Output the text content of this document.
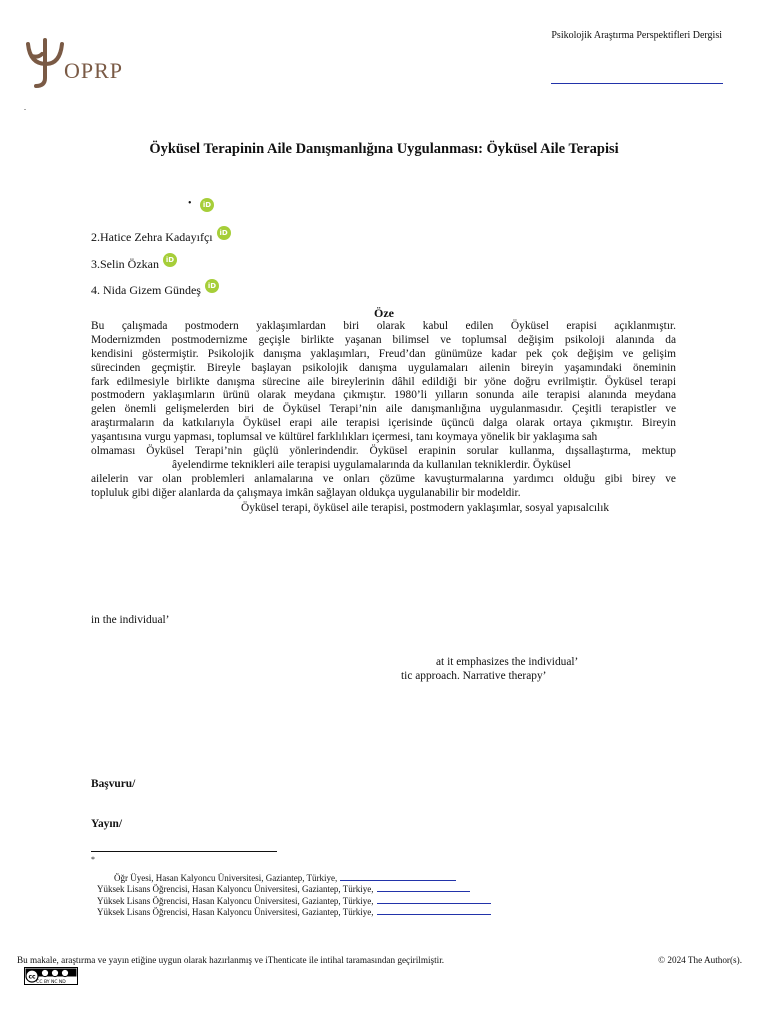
OPRP
Psikolojik Araştırma Perspektifleri Dergisi
.
Öyküsel Terapinin Aile Danışmanlığına Uygulanması: Öyküsel Aile Terapisi
•	iD
2.Hatice Zehra Kadayıfçı iD
3.Selin Özkan iD
4. Nida Gizem Gündeş iD
Öze
Bu çalışmada postmodern yaklaşımlardan biri olarak kabul edilen Öyküsel erapisi açıklanmıştır.
Modernizmden postmodernizme geçişle birlikte yaşanan bilimsel ve toplumsal değişim psikoloji alanında da
kendisini göstermiştir. Psikolojik danışma yaklaşımları, Freud’dan günümüze kadar pek çok değişim ve gelişim
sürecinden geçmiştir. Bireyle başlayan psikolojik danışma uygulamaları ailenin bireyin yaşamındaki öneminin
fark edilmesiyle birlikte danışma sürecine aile bireylerinin dâhil edildiği bir yöne doğru evrilmiştir. Öyküsel terapi
postmodern yaklaşımların ürünü olarak meydana çıkmıştır. 1980’li yılların sonunda aile terapisi alanında meydana
gelen önemli gelişmelerden biri de Öyküsel Terapi’nin aile danışmanlığına uygulanmasıdır. Çeşitli terapistler ve
araştırmaların da katkılarıyla Öyküsel erapi aile terapisi içerisinde üçüncü dalga olarak ortaya çıkmıştır. Bireyin
yaşantısına vurgu yapması, toplumsal ve kültürel farklılıkları içermesi, tanı koymaya yönelik bir yaklaşıma sah
olmaması Öyküsel Terapi’nin güçlü yönlerindendir. Öyküsel erapinin sorular kullanma, dışsallaştırma, mektup
âyelendirme teknikleri aile terapisi uygulamalarında da kullanılan tekniklerdir. Öyküsel
ailelerin var olan problemleri anlamalarına ve onları çözüme kavuşturmalarına yardımcı olduğu gibi birey ve
topluluk gibi diğer alanlarda da çalışmaya imkân sağlayan oldukça uygulanabilir bir modeldir.
Öyküsel terapi, öyküsel aile terapisi, postmodern yaklaşımlar, sosyal yapısalcılık
in the individual’
at it emphasizes the individual’
tic approach. Narrative therapy’
Başvuru/
Yayın/
*
Öğr Üyesi, Hasan Kalyoncu Üniversitesi, Gaziantep, Türkiye,
Yüksek Lisans Öğrencisi, Hasan Kalyoncu Üniversitesi, Gaziantep, Türkiye,
Yüksek Lisans Öğrencisi, Hasan Kalyoncu Üniversitesi, Gaziantep, Türkiye,
Yüksek Lisans Öğrencisi, Hasan Kalyoncu Üniversitesi, Gaziantep, Türkiye,
Bu makale, araştırma ve yayın etiğine uygun olarak hazırlanmış ve iThenticate ile intihal taramasından geçirilmiştir.	© 2024 The Author(s).
cc
CC BY NC ND
